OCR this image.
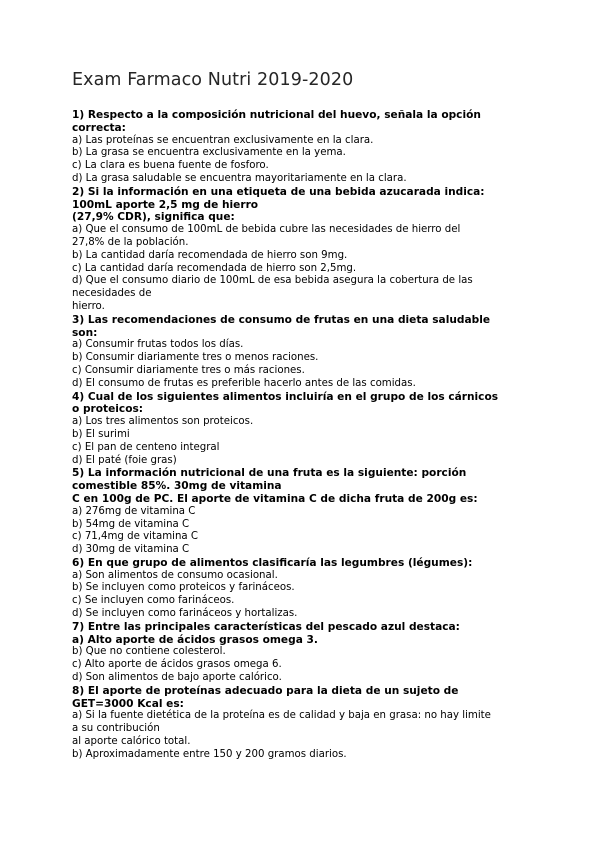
Exam Farmaco Nutri 2019-2020
1) Respecto a la composición nutricional del huevo, señala la opción
correcta:
a) Las proteínas se encuentran exclusivamente en la clara.
b) La grasa se encuentra exclusivamente en la yema.
c) La clara es buena fuente de fosforo.
d) La grasa saludable se encuentra mayoritariamente en la clara.
2) Si la información en una etiqueta de una bebida azucarada indica:
100mL aporte 2,5 mg de hierro
(27,9% CDR), significa que:
a) Que el consumo de 100mL de bebida cubre las necesidades de hierro del
27,8% de la población.
b) La cantidad daría recomendada de hierro son 9mg.
c) La cantidad daría recomendada de hierro son 2,5mg.
d) Que el consumo diario de 100mL de esa bebida asegura la cobertura de las
necesidades de
hierro.
3) Las recomendaciones de consumo de frutas en una dieta saludable
son:
a) Consumir frutas todos los días.
b) Consumir diariamente tres o menos raciones.
c) Consumir diariamente tres o más raciones.
d) El consumo de frutas es preferible hacerlo antes de las comidas.
4) Cual de los siguientes alimentos incluiría en el grupo de los cárnicos
o proteicos:
a) Los tres alimentos son proteicos.
b) El surimi
c) El pan de centeno integral
d) El paté (foie gras)
5) La información nutricional de una fruta es la siguiente: porción
comestible 85%. 30mg de vitamina
C en 100g de PC. El aporte de vitamina C de dicha fruta de 200g es:
a) 276mg de vitamina C
b) 54mg de vitamina C
c) 71,4mg de vitamina C
d) 30mg de vitamina C
6) En que grupo de alimentos clasificaría las legumbres (légumes):
a) Son alimentos de consumo ocasional.
b) Se incluyen como proteicos y farináceos.
c) Se incluyen como farináceos.
d) Se incluyen como farináceos y hortalizas.
7) Entre las principales características del pescado azul destaca:
a) Alto aporte de ácidos grasos omega 3.
b) Que no contiene colesterol.
c) Alto aporte de ácidos grasos omega 6.
d) Son alimentos de bajo aporte calórico.
8) El aporte de proteínas adecuado para la dieta de un sujeto de
GET=3000 Kcal es:
a) Si la fuente dietética de la proteína es de calidad y baja en grasa: no hay limite
a su contribución
al aporte calórico total.
b) Aproximadamente entre 150 y 200 gramos diarios.
